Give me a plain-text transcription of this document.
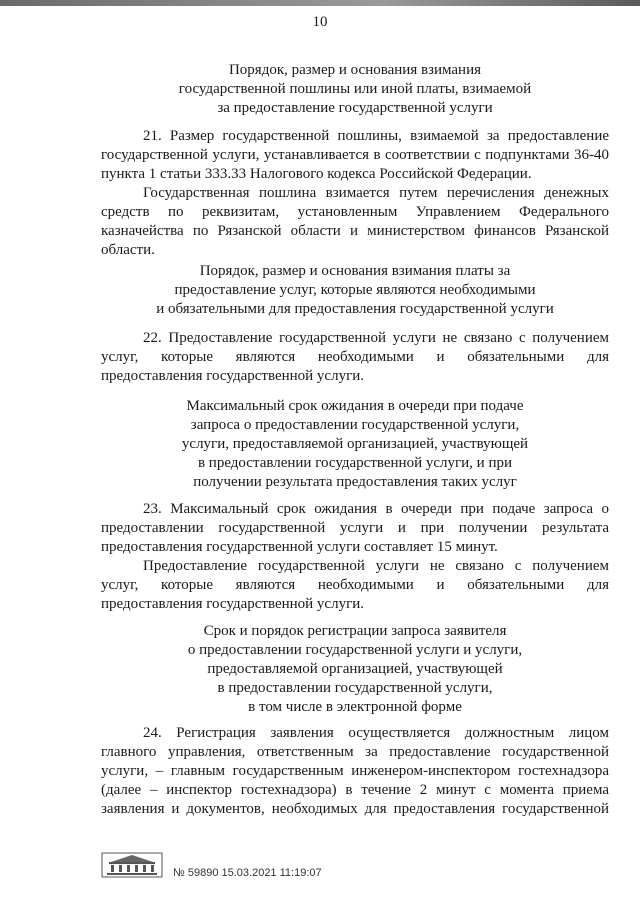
10
Порядок, размер и основания взимания
государственной пошлины или иной платы, взимаемой
за предоставление государственной услуги
21. Размер государственной пошлины, взимаемой за предоставление
государственной услуги, устанавливается в соответствии с подпунктами 36-40
пункта 1 статьи 333.33 Налогового кодекса Российской Федерации.
Государственная пошлина взимается путем перечисления денежных
средств по реквизитам, установленным Управлением Федерального
казначейства по Рязанской области и министерством финансов Рязанской
области.
Порядок, размер и основания взимания платы за
предоставление услуг, которые являются необходимыми
и обязательными для предоставления государственной услуги
22. Предоставление государственной услуги не связано с получением
услуг, которые являются необходимыми и обязательными для
предоставления государственной услуги.
Максимальный срок ожидания в очереди при подаче
запроса о предоставлении государственной услуги,
услуги, предоставляемой организацией, участвующей
в предоставлении государственной услуги, и при
получении результата предоставления таких услуг
23. Максимальный срок ожидания в очереди при подаче запроса о
предоставлении государственной услуги и при получении результата
предоставления государственной услуги составляет 15 минут.
Предоставление государственной услуги не связано с получением
услуг, которые являются необходимыми и обязательными для
предоставления государственной услуги.
Срок и порядок регистрации запроса заявителя
о предоставлении государственной услуги и услуги,
предоставляемой организацией, участвующей
в предоставлении государственной услуги,
в том числе в электронной форме
24. Регистрация заявления осуществляется должностным лицом
главного управления, ответственным за предоставление государственной
услуги, – главным государственным инженером-инспектором гостехнадзора
(далее – инспектор гостехнадзора) в течение 2 минут с момента приема
заявления и документов, необходимых для предоставления государственной
№ 59890 15.03.2021 11:19:07
